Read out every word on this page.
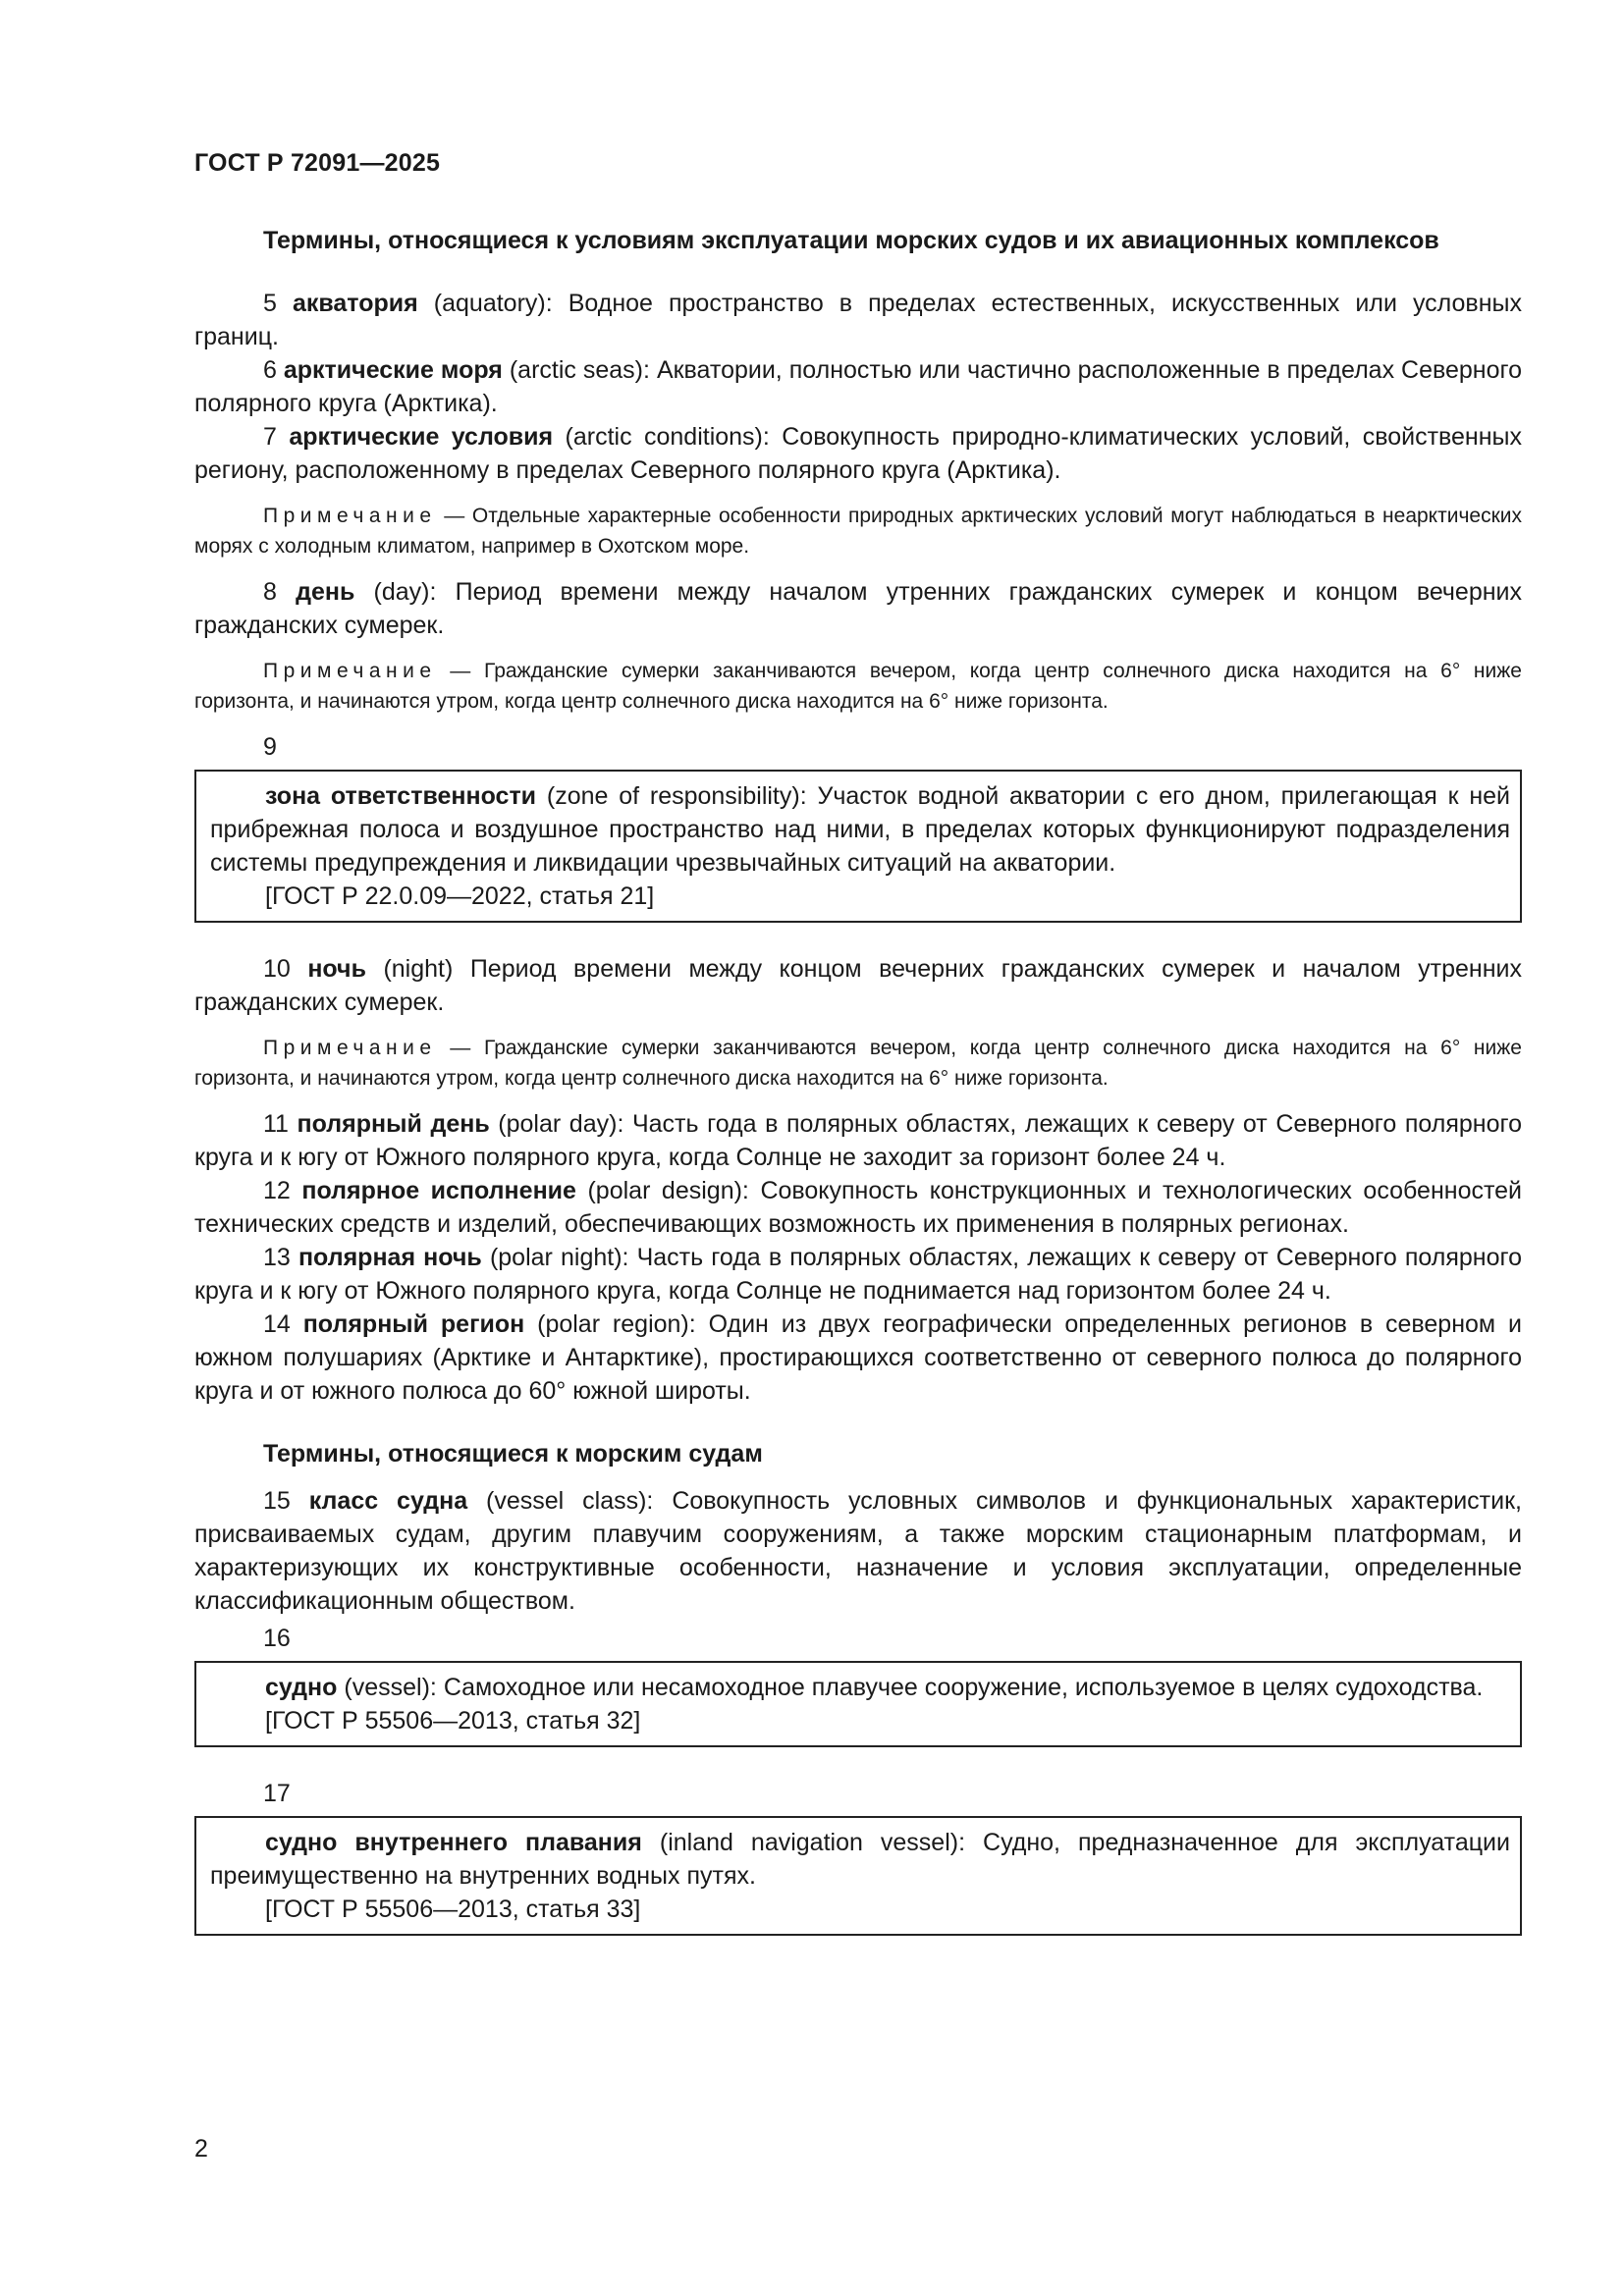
ГОСТ Р 72091—2025

Термины, относящиеся к условиям эксплуатации морских судов и их авиационных комплексов

5 акватория (aquatory): Водное пространство в пределах естественных, искусственных или условных границ.

6 арктические моря (arctic seas): Акватории, полностью или частично расположенные в пределах Северного полярного круга (Арктика).

7 арктические условия (arctic conditions): Совокупность природно-климатических условий, свойственных региону, расположенному в пределах Северного полярного круга (Арктика).

Примечание — Отдельные характерные особенности природных арктических условий могут наблюдаться в неарктических морях с холодным климатом, например в Охотском море.

8 день (day): Период времени между началом утренних гражданских сумерек и концом вечерних гражданских сумерек.

Примечание — Гражданские сумерки заканчиваются вечером, когда центр солнечного диска находится на 6° ниже горизонта, и начинаются утром, когда центр солнечного диска находится на 6° ниже горизонта.

9

зона ответственности (zone of responsibility): Участок водной акватории с его дном, прилегающая к ней прибрежная полоса и воздушное пространство над ними, в пределах которых функционируют подразделения системы предупреждения и ликвидации чрезвычайных ситуаций на акватории.

[ГОСТ Р 22.0.09—2022, статья 21]

10 ночь (night) Период времени между концом вечерних гражданских сумерек и началом утренних гражданских сумерек.

Примечание — Гражданские сумерки заканчиваются вечером, когда центр солнечного диска находится на 6° ниже горизонта, и начинаются утром, когда центр солнечного диска находится на 6° ниже горизонта.

11 полярный день (polar day): Часть года в полярных областях, лежащих к северу от Северного полярного круга и к югу от Южного полярного круга, когда Солнце не заходит за горизонт более 24 ч.

12 полярное исполнение (polar design): Совокупность конструкционных и технологических особенностей технических средств и изделий, обеспечивающих возможность их применения в полярных регионах.

13 полярная ночь (polar night): Часть года в полярных областях, лежащих к северу от Северного полярного круга и к югу от Южного полярного круга, когда Солнце не поднимается над горизонтом более 24 ч.

14 полярный регион (polar region): Один из двух географически определенных регионов в северном и южном полушариях (Арктике и Антарктике), простирающихся соответственно от северного полюса до полярного круга и от южного полюса до 60° южной широты.

Термины, относящиеся к морским судам

15 класс судна (vessel class): Совокупность условных символов и функциональных характеристик, присваиваемых судам, другим плавучим сооружениям, а также морским стационарным платформам, и характеризующих их конструктивные особенности, назначение и условия эксплуатации, определенные классификационным обществом.

16

судно (vessel): Самоходное или несамоходное плавучее сооружение, используемое в целях судоходства.

[ГОСТ Р 55506—2013, статья 32]

17

судно внутреннего плавания (inland navigation vessel): Судно, предназначенное для эксплуатации преимущественно на внутренних водных путях.

[ГОСТ Р 55506—2013, статья 33]
2
